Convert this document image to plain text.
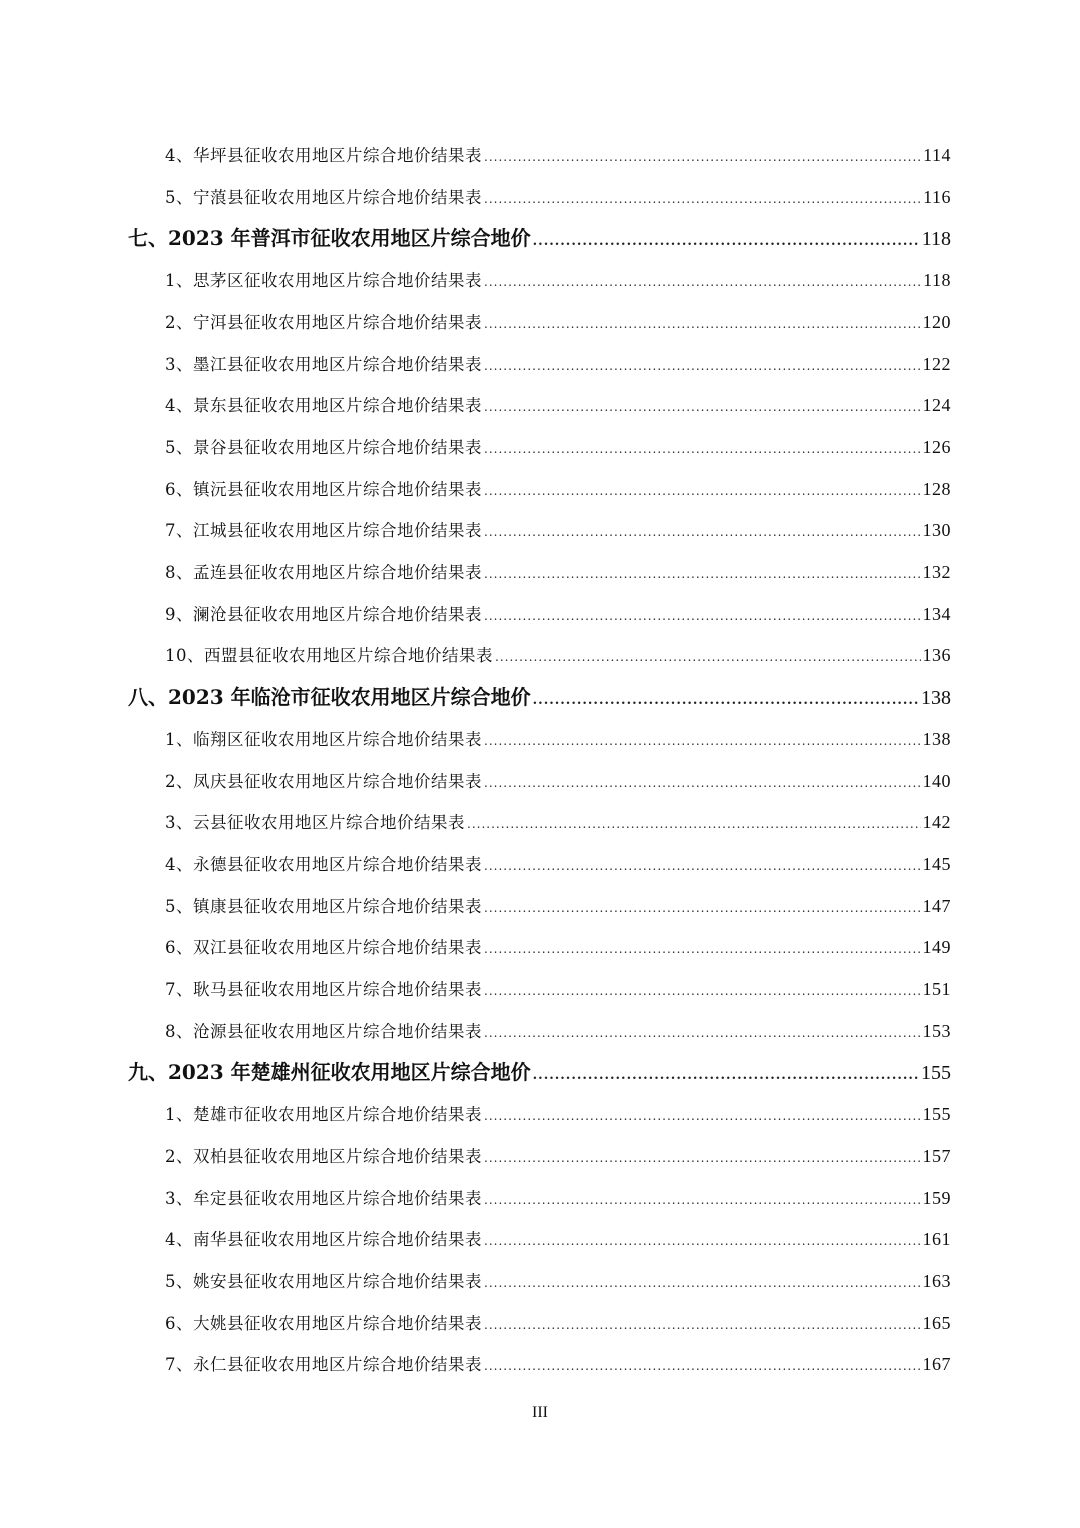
4、华坪县征收农用地区片综合地价结果表 .....	114
5、宁蒗县征收农用地区片综合地价结果表 .....	116
七、2023 年普洱市征收农用地区片综合地价 .....	118
1、思茅区征收农用地区片综合地价结果表 .....	118
2、宁洱县征收农用地区片综合地价结果表 .....	120
3、墨江县征收农用地区片综合地价结果表 .....	122
4、景东县征收农用地区片综合地价结果表 .....	124
5、景谷县征收农用地区片综合地价结果表 .....	126
6、镇沅县征收农用地区片综合地价结果表 .....	128
7、江城县征收农用地区片综合地价结果表 .....	130
8、孟连县征收农用地区片综合地价结果表 .....	132
9、澜沧县征收农用地区片综合地价结果表 .....	134
10、西盟县征收农用地区片综合地价结果表 .....	136
八、2023 年临沧市征收农用地区片综合地价 .....	138
1、临翔区征收农用地区片综合地价结果表 .....	138
2、凤庆县征收农用地区片综合地价结果表 .....	140
3、云县征收农用地区片综合地价结果表 .....	142
4、永德县征收农用地区片综合地价结果表 .....	145
5、镇康县征收农用地区片综合地价结果表 .....	147
6、双江县征收农用地区片综合地价结果表 .....	149
7、耿马县征收农用地区片综合地价结果表 .....	151
8、沧源县征收农用地区片综合地价结果表 .....	153
九、2023 年楚雄州征收农用地区片综合地价 .....	155
1、楚雄市征收农用地区片综合地价结果表 .....	155
2、双柏县征收农用地区片综合地价结果表 .....	157
3、牟定县征收农用地区片综合地价结果表 .....	159
4、南华县征收农用地区片综合地价结果表 .....	161
5、姚安县征收农用地区片综合地价结果表 .....	163
6、大姚县征收农用地区片综合地价结果表 .....	165
7、永仁县征收农用地区片综合地价结果表 .....	167
III
